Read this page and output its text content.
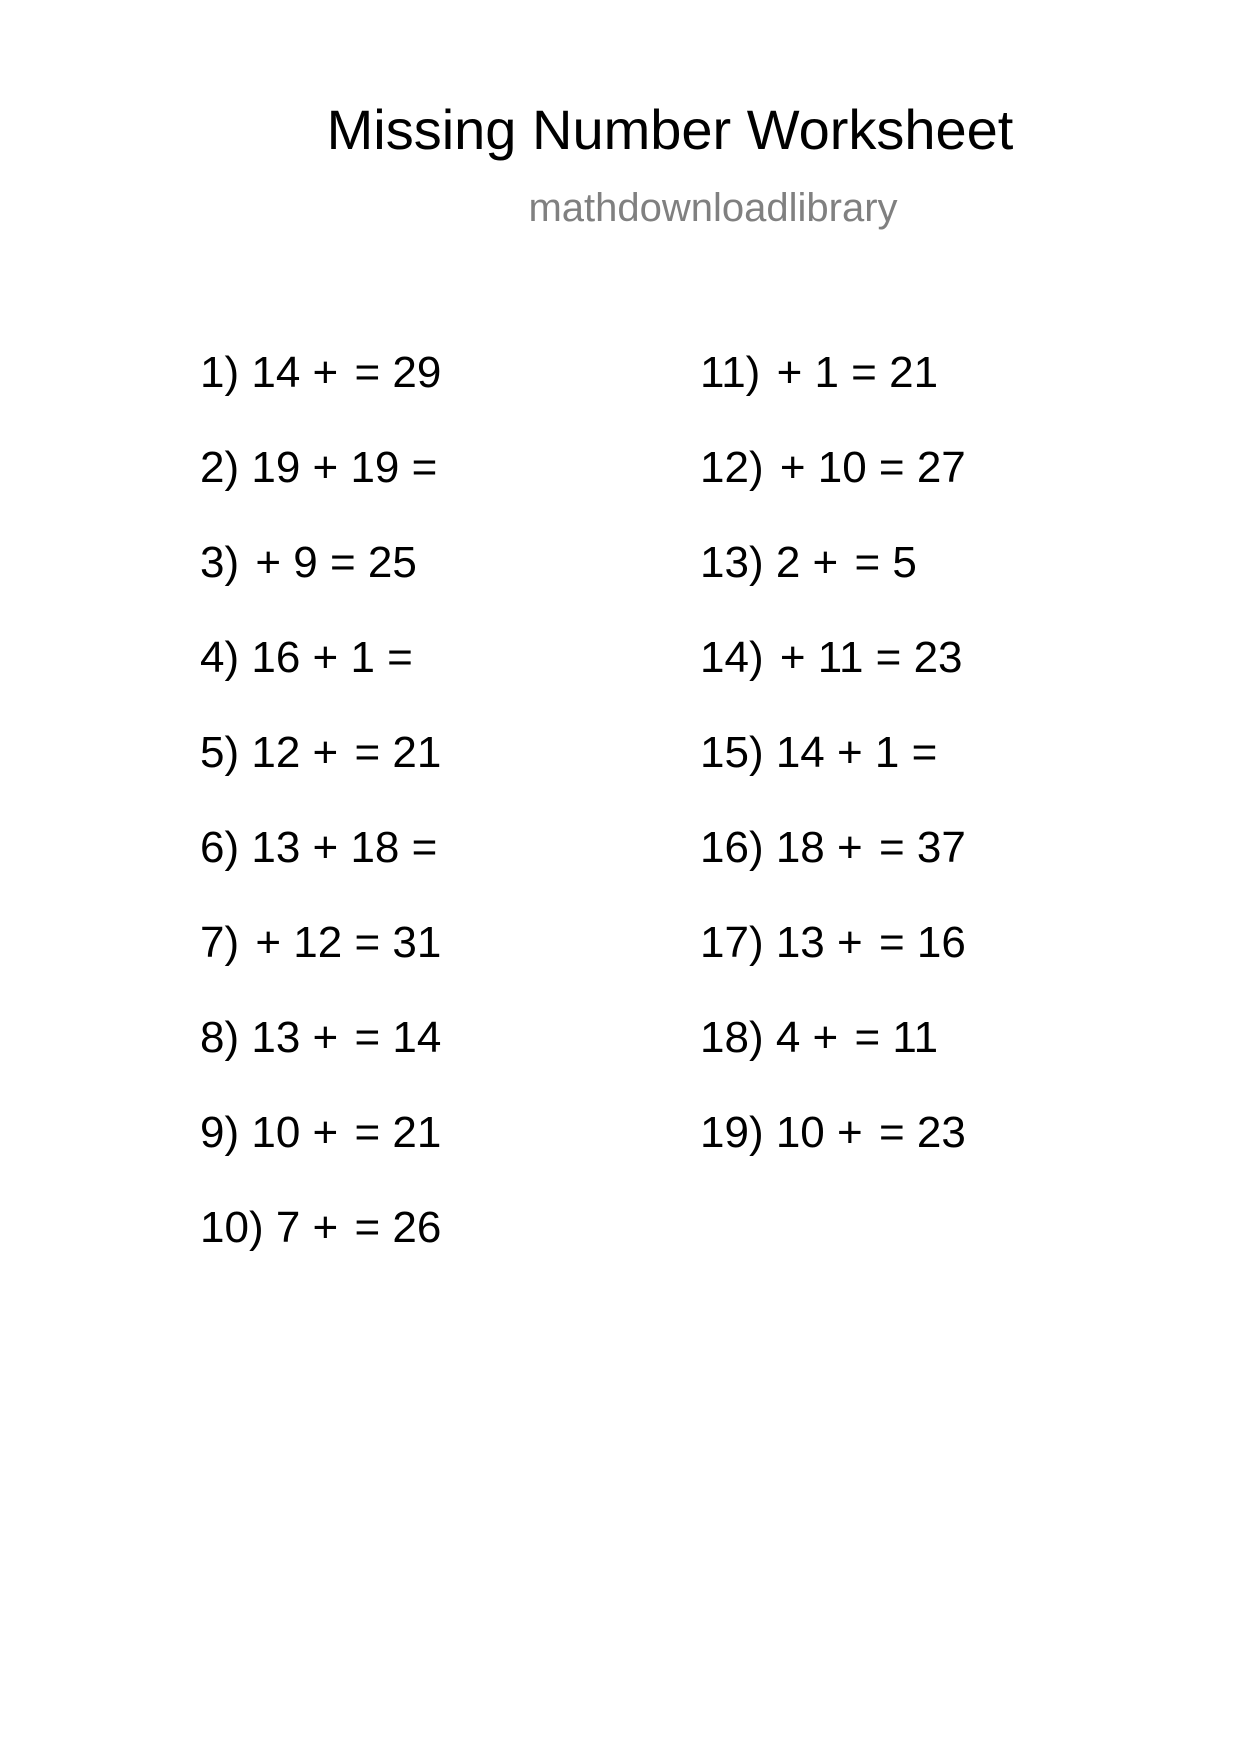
Missing Number Worksheet
mathdownloadlibrary
1) 14 + = 29
2) 19 + 19 =
3) + 9 = 25
4) 16 + 1 =
5) 12 + = 21
6) 13 + 18 =
7) + 12 = 31
8) 13 + = 14
9) 10 + = 21
10) 7 + = 26
11) + 1 = 21
12) + 10 = 27
13) 2 + = 5
14) + 11 = 23
15) 14 + 1 =
16) 18 + = 37
17) 13 + = 16
18) 4 + = 11
19) 10 + = 23
